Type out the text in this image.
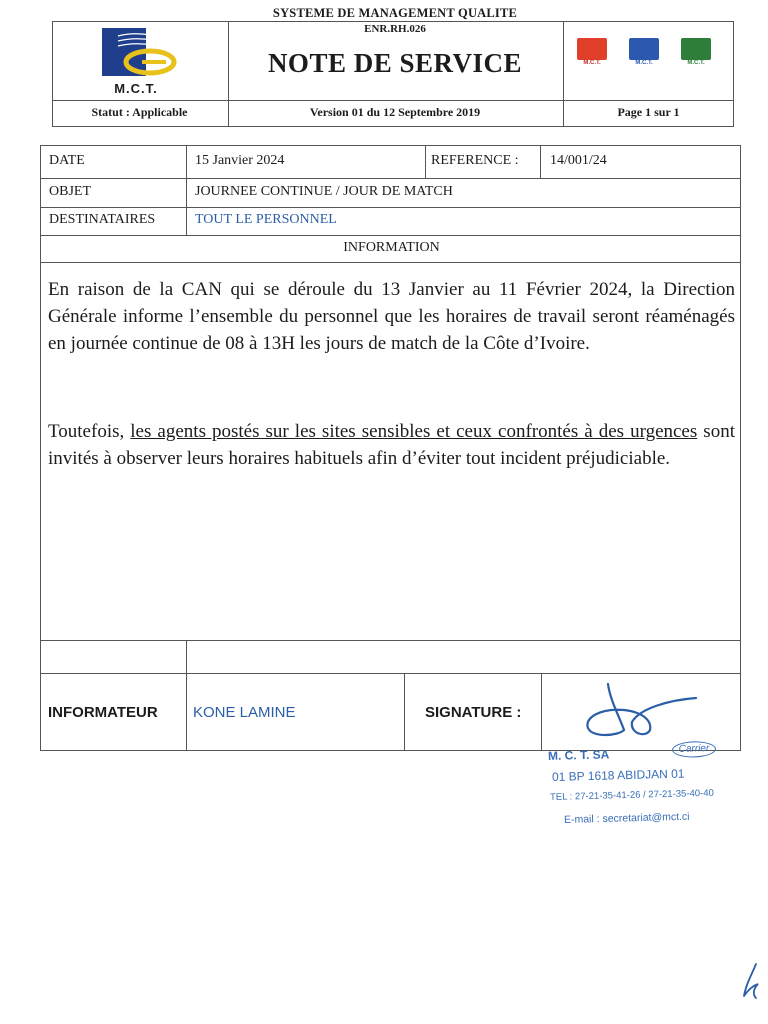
SYSTEME DE MANAGEMENT QUALITE
ENR.RH.026
NOTE DE SERVICE
M.C.T.
M.C.T.	M.C.T.	M.C.T.
Statut : Applicable	Version 01 du 12 Septembre 2019	Page 1 sur 1
DATE	15 Janvier 2024	REFERENCE : 14/001/24
OBJET	JOURNEE CONTINUE / JOUR DE MATCH
DESTINATAIRES	TOUT LE PERSONNEL
INFORMATION
INFORMATEUR KONE LAMINE	SIGNATURE :

En raison de la CAN qui se déroule du 13 Janvier au 11 Février 2024, la Direction Générale informe l’ensemble du personnel que les horaires de travail seront réaménagés en journée continue de 08 à 13H les jours de match de la Côte d’Ivoire.

Toutefois, les agents postés sur les sites sensibles et ceux confrontés à des urgences sont invités à observer leurs horaires habituels afin d’éviter tout incident préjudiciable.

M. C. T. SA	Carrier
01 BP 1618 ABIDJAN 01
TEL : 27-21-35-41-26 / 27-21-35-40-40
E-mail : secretariat@mct.ci
